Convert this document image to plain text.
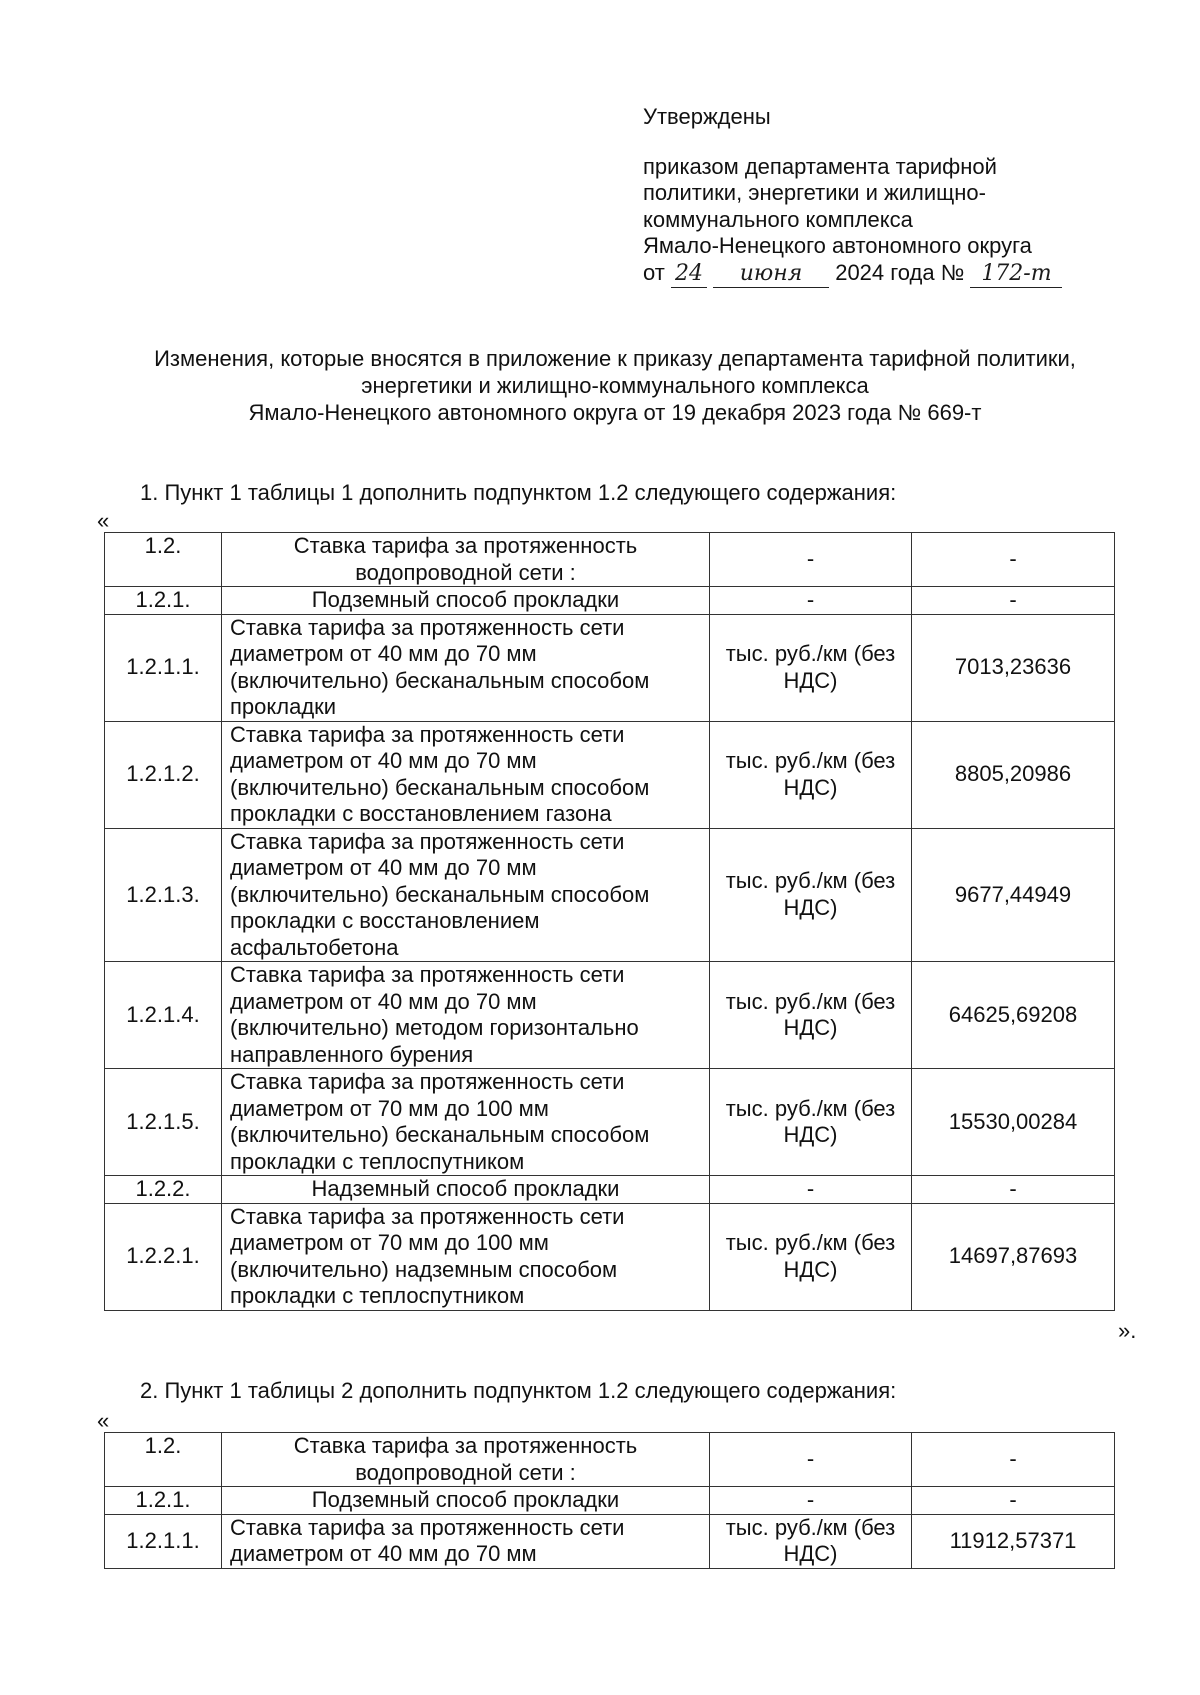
Утверждены
приказом департамента тарифной
политики, энергетики и жилищно-
коммунального комплекса
Ямало-Ненецкого автономного округа
от 24 июня 2024 года № 172-т
Изменения, которые вносятся в приложение к приказу департамента тарифной политики,
энергетики и жилищно-коммунального комплекса
Ямало-Ненецкого автономного округа от 19 декабря 2023 года № 669-т
1. Пункт 1 таблицы 1 дополнить подпунктом 1.2 следующего содержания:
«
1.2.	Ставка тарифа за протяженность водопроводной сети :	-	-
1.2.1.	Подземный способ прокладки	-	-
1.2.1.1.	Ставка тарифа за протяженность сети диаметром от 40 мм до 70 мм (включительно) бесканальным способом прокладки	тыс. руб./км (без НДС)	7013,23636
1.2.1.2.	Ставка тарифа за протяженность сети диаметром от 40 мм до 70 мм (включительно) бесканальным способом прокладки с восстановлением газона	тыс. руб./км (без НДС)	8805,20986
1.2.1.3.	Ставка тарифа за протяженность сети диаметром от 40 мм до 70 мм (включительно) бесканальным способом прокладки с восстановлением асфальтобетона	тыс. руб./км (без НДС)	9677,44949
1.2.1.4.	Ставка тарифа за протяженность сети диаметром от 40 мм до 70 мм (включительно) методом горизонтально направленного бурения	тыс. руб./км (без НДС)	64625,69208
1.2.1.5.	Ставка тарифа за протяженность сети диаметром от 70 мм до 100 мм (включительно) бесканальным способом прокладки с теплоспутником	тыс. руб./км (без НДС)	15530,00284
1.2.2.	Надземный способ прокладки	-	-
1.2.2.1.	Ставка тарифа за протяженность сети диаметром от 70 мм до 100 мм (включительно) надземным способом прокладки с теплоспутником	тыс. руб./км (без НДС)	14697,87693
».
2. Пункт 1 таблицы 2 дополнить подпунктом 1.2 следующего содержания:
«
1.2.	Ставка тарифа за протяженность водопроводной сети :	-	-
1.2.1.	Подземный способ прокладки	-	-
1.2.1.1.	Ставка тарифа за протяженность сети диаметром от 40 мм до 70 мм	тыс. руб./км (без НДС)	11912,57371
